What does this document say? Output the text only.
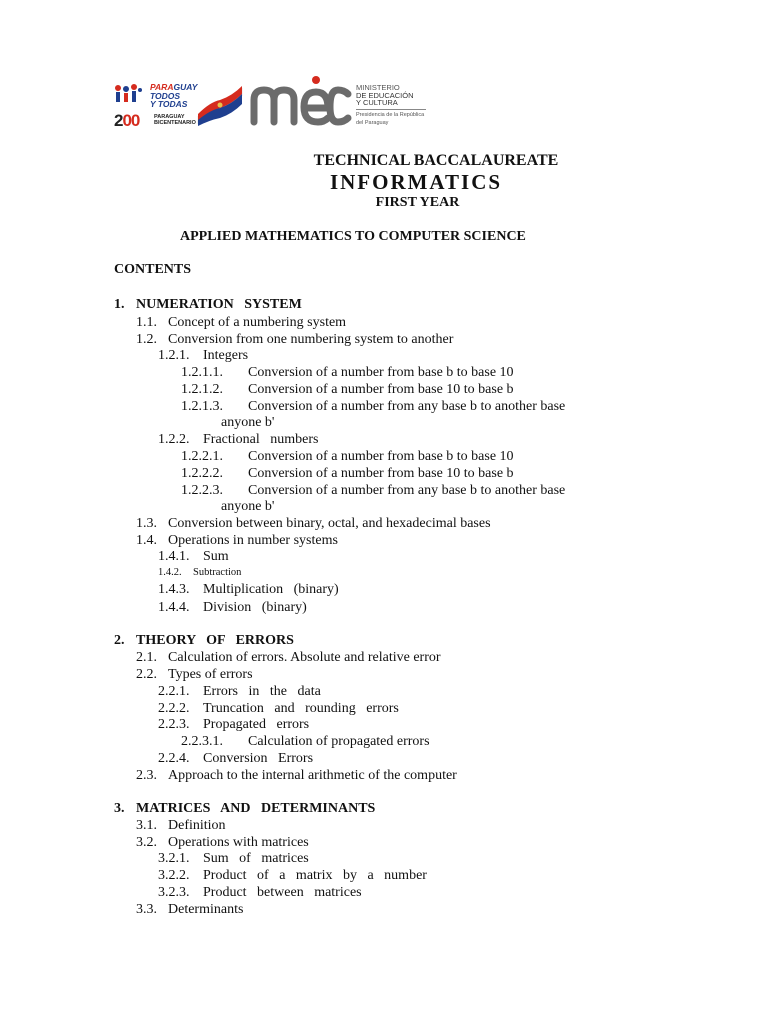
PARAGUAY
TODOS
Y TODAS
200	PARAGUAY
BICENTENARIO
MINISTERIO
DE EDUCACIÓN
Y CULTURA
Presidencia de la República
del Paraguay
TECHNICAL BACCALAUREATE
INFORMATICS
FIRST YEAR
APPLIED MATHEMATICS TO COMPUTER SCIENCE
CONTENTS
1. NUMERATION   SYSTEM
1.1. Concept of a numbering system
1.2. Conversion from one numbering system to another
1.2.1. Integers
1.2.1.1. Conversion of a number from base b to base 10
1.2.1.2. Conversion of a number from base 10 to base b
1.2.1.3. Conversion of a number from any base b to another base
anyone b'
1.2.2. Fractional   numbers
1.2.2.1. Conversion of a number from base b to base 10
1.2.2.2. Conversion of a number from base 10 to base b
1.2.2.3. Conversion of a number from any base b to another base
anyone b'
1.3. Conversion between binary, octal, and hexadecimal bases
1.4. Operations in number systems
1.4.1. Sum
1.4.2. Subtraction
1.4.3. Multiplication   (binary)
1.4.4. Division   (binary)
2. THEORY   OF   ERRORS
2.1. Calculation of errors. Absolute and relative error
2.2. Types of errors
2.2.1. Errors   in   the   data
2.2.2. Truncation   and   rounding   errors
2.2.3. Propagated   errors
2.2.3.1. Calculation of propagated errors
2.2.4. Conversion   Errors
2.3. Approach to the internal arithmetic of the computer
3. MATRICES   AND   DETERMINANTS
3.1. Definition
3.2. Operations with matrices
3.2.1. Sum   of   matrices
3.2.2. Product   of   a   matrix   by   a   number
3.2.3. Product   between   matrices
3.3. Determinants
